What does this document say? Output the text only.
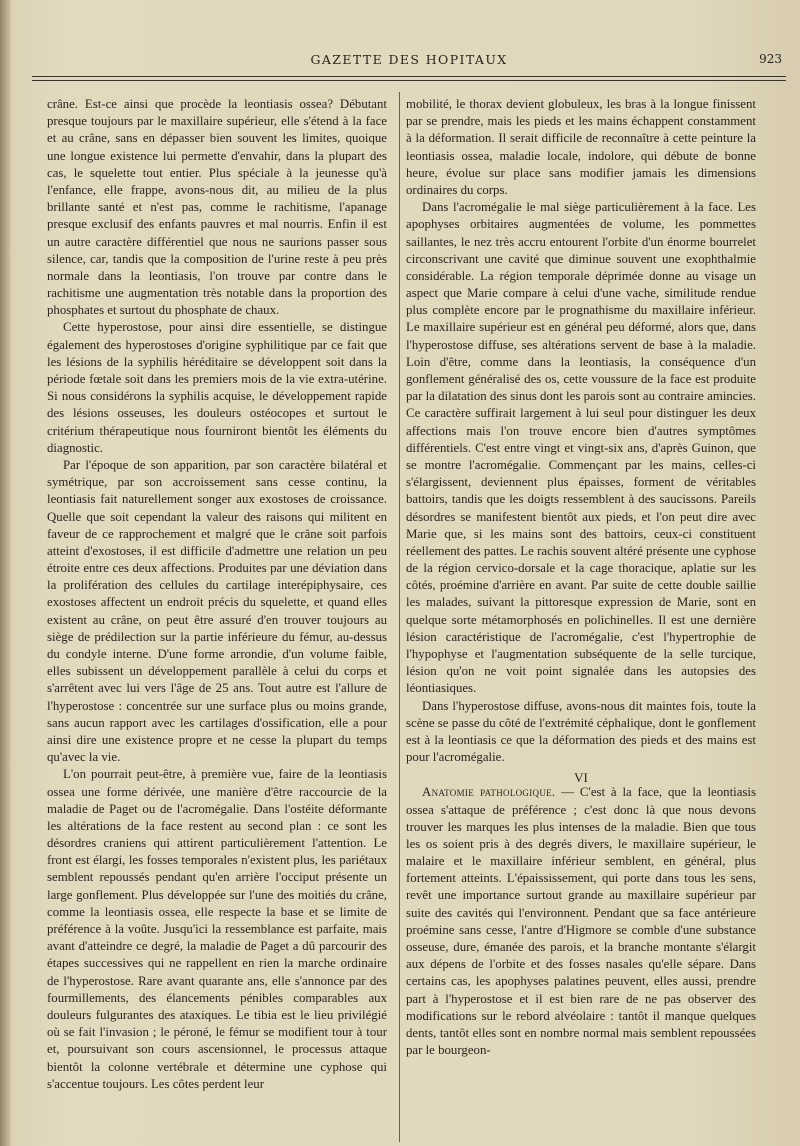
GAZETTE DES HOPITAUX	923

crâne. Est-ce ainsi que procède la leontiasis ossea? Débutant presque toujours par le maxillaire supérieur, elle s'étend à la face et au crâne, sans en dépasser bien souvent les limites, quoique une longue existence lui permette d'envahir, dans la plupart des cas, le squelette tout entier. Plus spéciale à la jeunesse qu'à l'enfance, elle frappe, avons-nous dit, au milieu de la plus brillante santé et n'est pas, comme le rachitisme, l'apanage presque exclusif des enfants pauvres et mal nourris. Enfin il est un autre caractère différentiel que nous ne saurions passer sous silence, car, tandis que la composition de l'urine reste à peu près normale dans la leontiasis, l'on trouve par contre dans le rachitisme une augmentation très notable dans la proportion des phosphates et surtout du phosphate de chaux.

Cette hyperostose, pour ainsi dire essentielle, se distingue également des hyperostoses d'origine syphilitique par ce fait que les lésions de la syphilis héréditaire se développent soit dans la période fœtale soit dans les premiers mois de la vie extra-utérine. Si nous considérons la syphilis acquise, le développement rapide des lésions osseuses, les douleurs ostéocopes et surtout le critérium thérapeutique nous fourniront bientôt les éléments du diagnostic.

Par l'époque de son apparition, par son caractère bilatéral et symétrique, par son accroissement sans cesse continu, la leontiasis fait naturellement songer aux exostoses de croissance. Quelle que soit cependant la valeur des raisons qui militent en faveur de ce rapprochement et malgré que le crâne soit parfois atteint d'exostoses, il est difficile d'admettre une relation un peu étroite entre ces deux affections. Produites par une déviation dans la prolifération des cellules du cartilage interépiphysaire, ces exostoses affectent un endroit précis du squelette, et quand elles existent au crâne, on peut être assuré d'en trouver toujours au siège de prédilection sur la partie inférieure du fémur, au-dessus du condyle interne. D'une forme arrondie, d'un volume faible, elles subissent un développement parallèle à celui du corps et s'arrêtent avec lui vers l'âge de 25 ans. Tout autre est l'allure de l'hyperostose : concentrée sur une surface plus ou moins grande, sans aucun rapport avec les cartilages d'ossification, elle a pour ainsi dire une existence propre et ne cesse la plupart du temps qu'avec la vie.

L'on pourrait peut-être, à première vue, faire de la leontiasis ossea une forme dérivée, une manière d'être raccourcie de la maladie de Paget ou de l'acromégalie. Dans l'ostéite déformante les altérations de la face restent au second plan : ce sont les désordres craniens qui attirent particulièrement l'attention. Le front est élargi, les fosses temporales n'existent plus, les pariétaux semblent repoussés pendant qu'en arrière l'occiput présente un large gonflement. Plus développée sur l'une des moitiés du crâne, comme la leontiasis ossea, elle respecte la base et se limite de préférence à la voûte. Jusqu'ici la ressemblance est parfaite, mais avant d'atteindre ce degré, la maladie de Paget a dû parcourir des étapes successives qui ne rappellent en rien la marche ordinaire de l'hyperostose. Rare avant quarante ans, elle s'annonce par des fourmillements, des élancements pénibles comparables aux douleurs fulgurantes des ataxiques. Le tibia est le lieu privilégié où se fait l'invasion ; le péroné, le fémur se modifient tour à tour et, poursuivant son cours ascensionnel, le processus attaque bientôt la colonne vertébrale et détermine une cyphose qui s'accentue toujours. Les côtes perdent leur

mobilité, le thorax devient globuleux, les bras à la longue finissent par se prendre, mais les pieds et les mains échappent constamment à la déformation. Il serait difficile de reconnaître à cette peinture la leontiasis ossea, maladie locale, indolore, qui débute de bonne heure, évolue sur place sans modifier jamais les dimensions ordinaires du corps.

Dans l'acromégalie le mal siège particulièrement à la face. Les apophyses orbitaires augmentées de volume, les pommettes saillantes, le nez très accru entourent l'orbite d'un énorme bourrelet circonscrivant une cavité que diminue souvent une exophthalmie considérable. La région temporale déprimée donne au visage un aspect que Marie compare à celui d'une vache, similitude rendue plus complète encore par le prognathisme du maxillaire inférieur. Le maxillaire supérieur est en général peu déformé, alors que, dans l'hyperostose diffuse, ses altérations servent de base à la maladie. Loin d'être, comme dans la leontiasis, la conséquence d'un gonflement généralisé des os, cette voussure de la face est produite par la dilatation des sinus dont les parois sont au contraire amincies. Ce caractère suffirait largement à lui seul pour distinguer les deux affections mais l'on trouve encore bien d'autres symptômes différentiels. C'est entre vingt et vingt-six ans, d'après Guinon, que se montre l'acromégalie. Commençant par les mains, celles-ci s'élargissent, deviennent plus épaisses, forment de véritables battoirs, tandis que les doigts ressemblent à des saucissons. Pareils désordres se manifestent bientôt aux pieds, et l'on peut dire avec Marie que, si les mains sont des battoirs, ceux-ci constituent réellement des pattes. Le rachis souvent altéré présente une cyphose de la région cervico-dorsale et la cage thoracique, aplatie sur les côtés, proémine d'arrière en avant. Par suite de cette double saillie les malades, suivant la pittoresque expression de Marie, sont en quelque sorte métamorphosés en polichinelles. Il est une dernière lésion caractéristique de l'acromégalie, c'est l'hypertrophie de l'hypophyse et l'augmentation subséquente de la selle turcique, lésion qu'on ne voit point signalée dans les autopsies des léontiasiques.

Dans l'hyperostose diffuse, avons-nous dit maintes fois, toute la scène se passe du côté de l'extrémité céphalique, dont le gonflement est à la leontiasis ce que la déformation des pieds et des mains est pour l'acromégalie.

VI

Anatomie pathologique. — C'est à la face, que la leontiasis ossea s'attaque de préférence ; c'est donc là que nous devons trouver les marques les plus intenses de la maladie. Bien que tous les os soient pris à des degrés divers, le maxillaire supérieur, le malaire et le maxillaire inférieur semblent, en général, plus fortement atteints. L'épaississement, qui porte dans tous les sens, revêt une importance surtout grande au maxillaire supérieur par suite des cavités qui l'environnent. Pendant que sa face antérieure proémine sans cesse, l'antre d'Higmore se comble d'une substance osseuse, dure, émanée des parois, et la branche montante s'élargit aux dépens de l'orbite et des fosses nasales qu'elle sépare. Dans certains cas, les apophyses palatines peuvent, elles aussi, prendre part à l'hyperostose et il est bien rare de ne pas observer des modifications sur le rebord alvéolaire : tantôt il manque quelques dents, tantôt elles sont en nombre normal mais semblent repoussées par le bourgeon-
